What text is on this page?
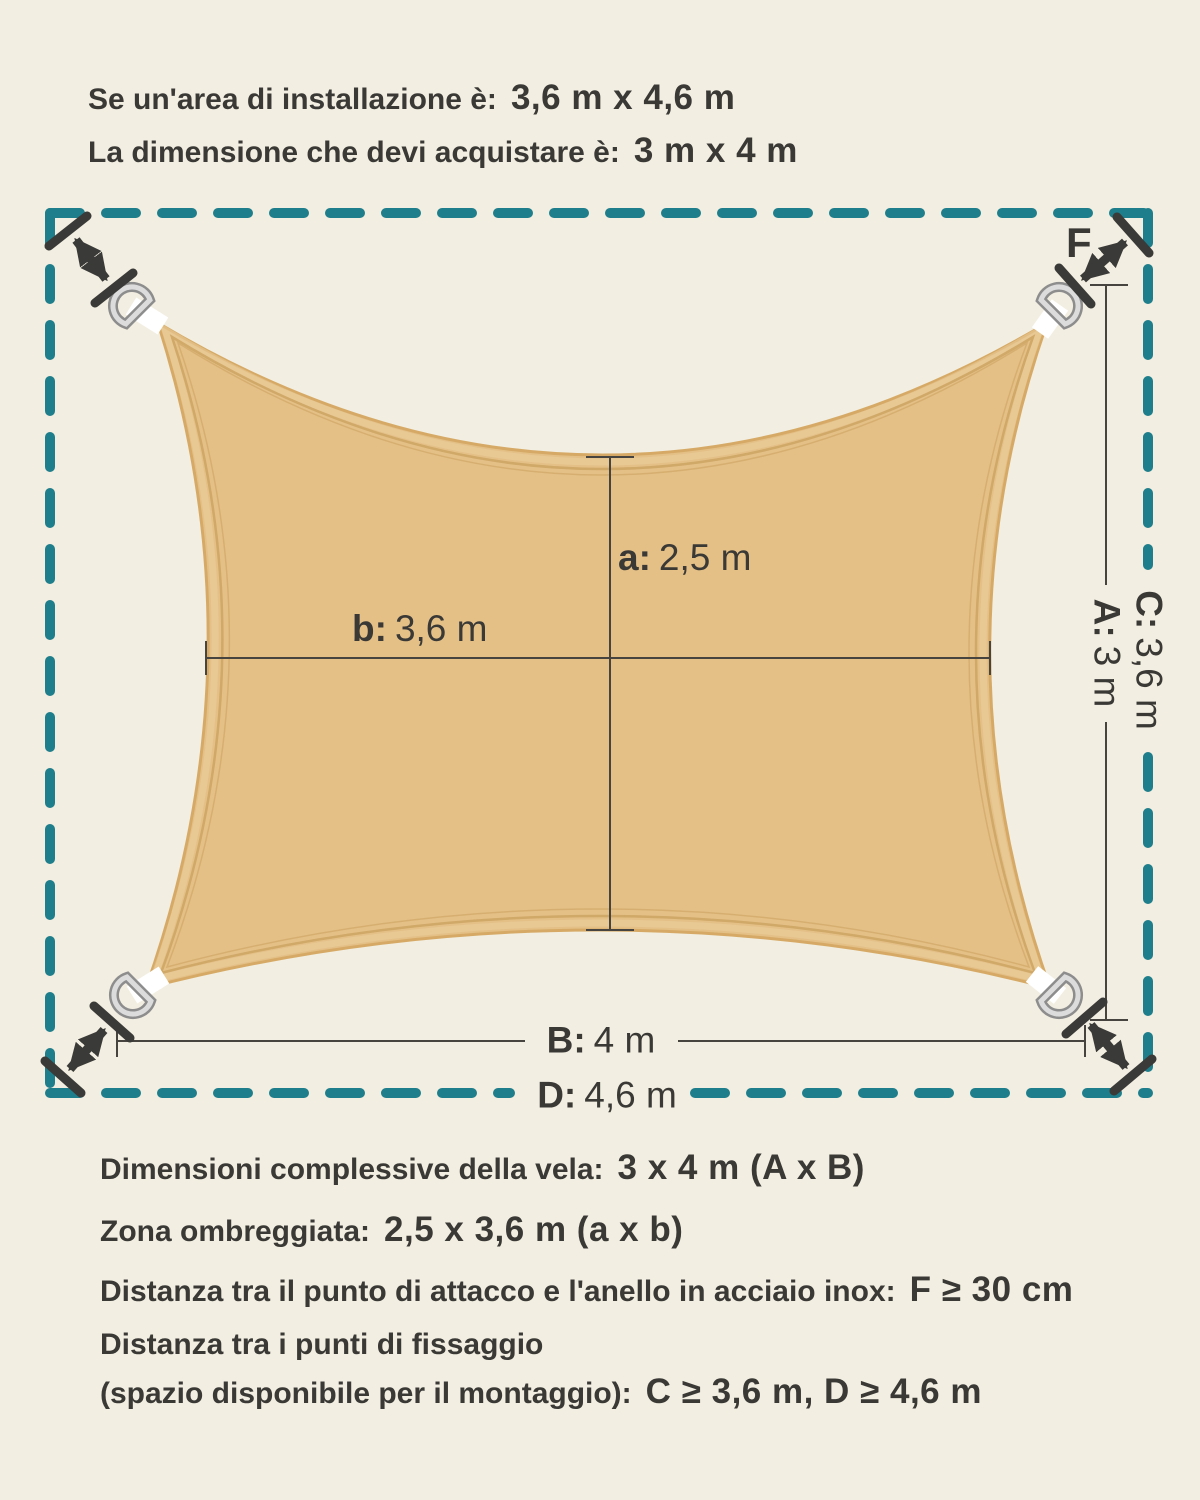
Se un'area di installazione è: 3,6 m x 4,6 m
La dimensione che devi acquistare è: 3 m x 4 m
F
a: 2,5 m
b: 3,6 m
B: 4 m
D: 4,6 m
C:3,6 m
A:3 m
Dimensioni complessive della vela: 3 x 4 m (A x B)
Zona ombreggiata: 2,5 x 3,6 m (a x b)
Distanza tra il punto di attacco e l'anello in acciaio inox: F ≥ 30 cm
Distanza tra i punti di fissaggio
(spazio disponibile per il montaggio): C ≥ 3,6 m, D ≥ 4,6 m
